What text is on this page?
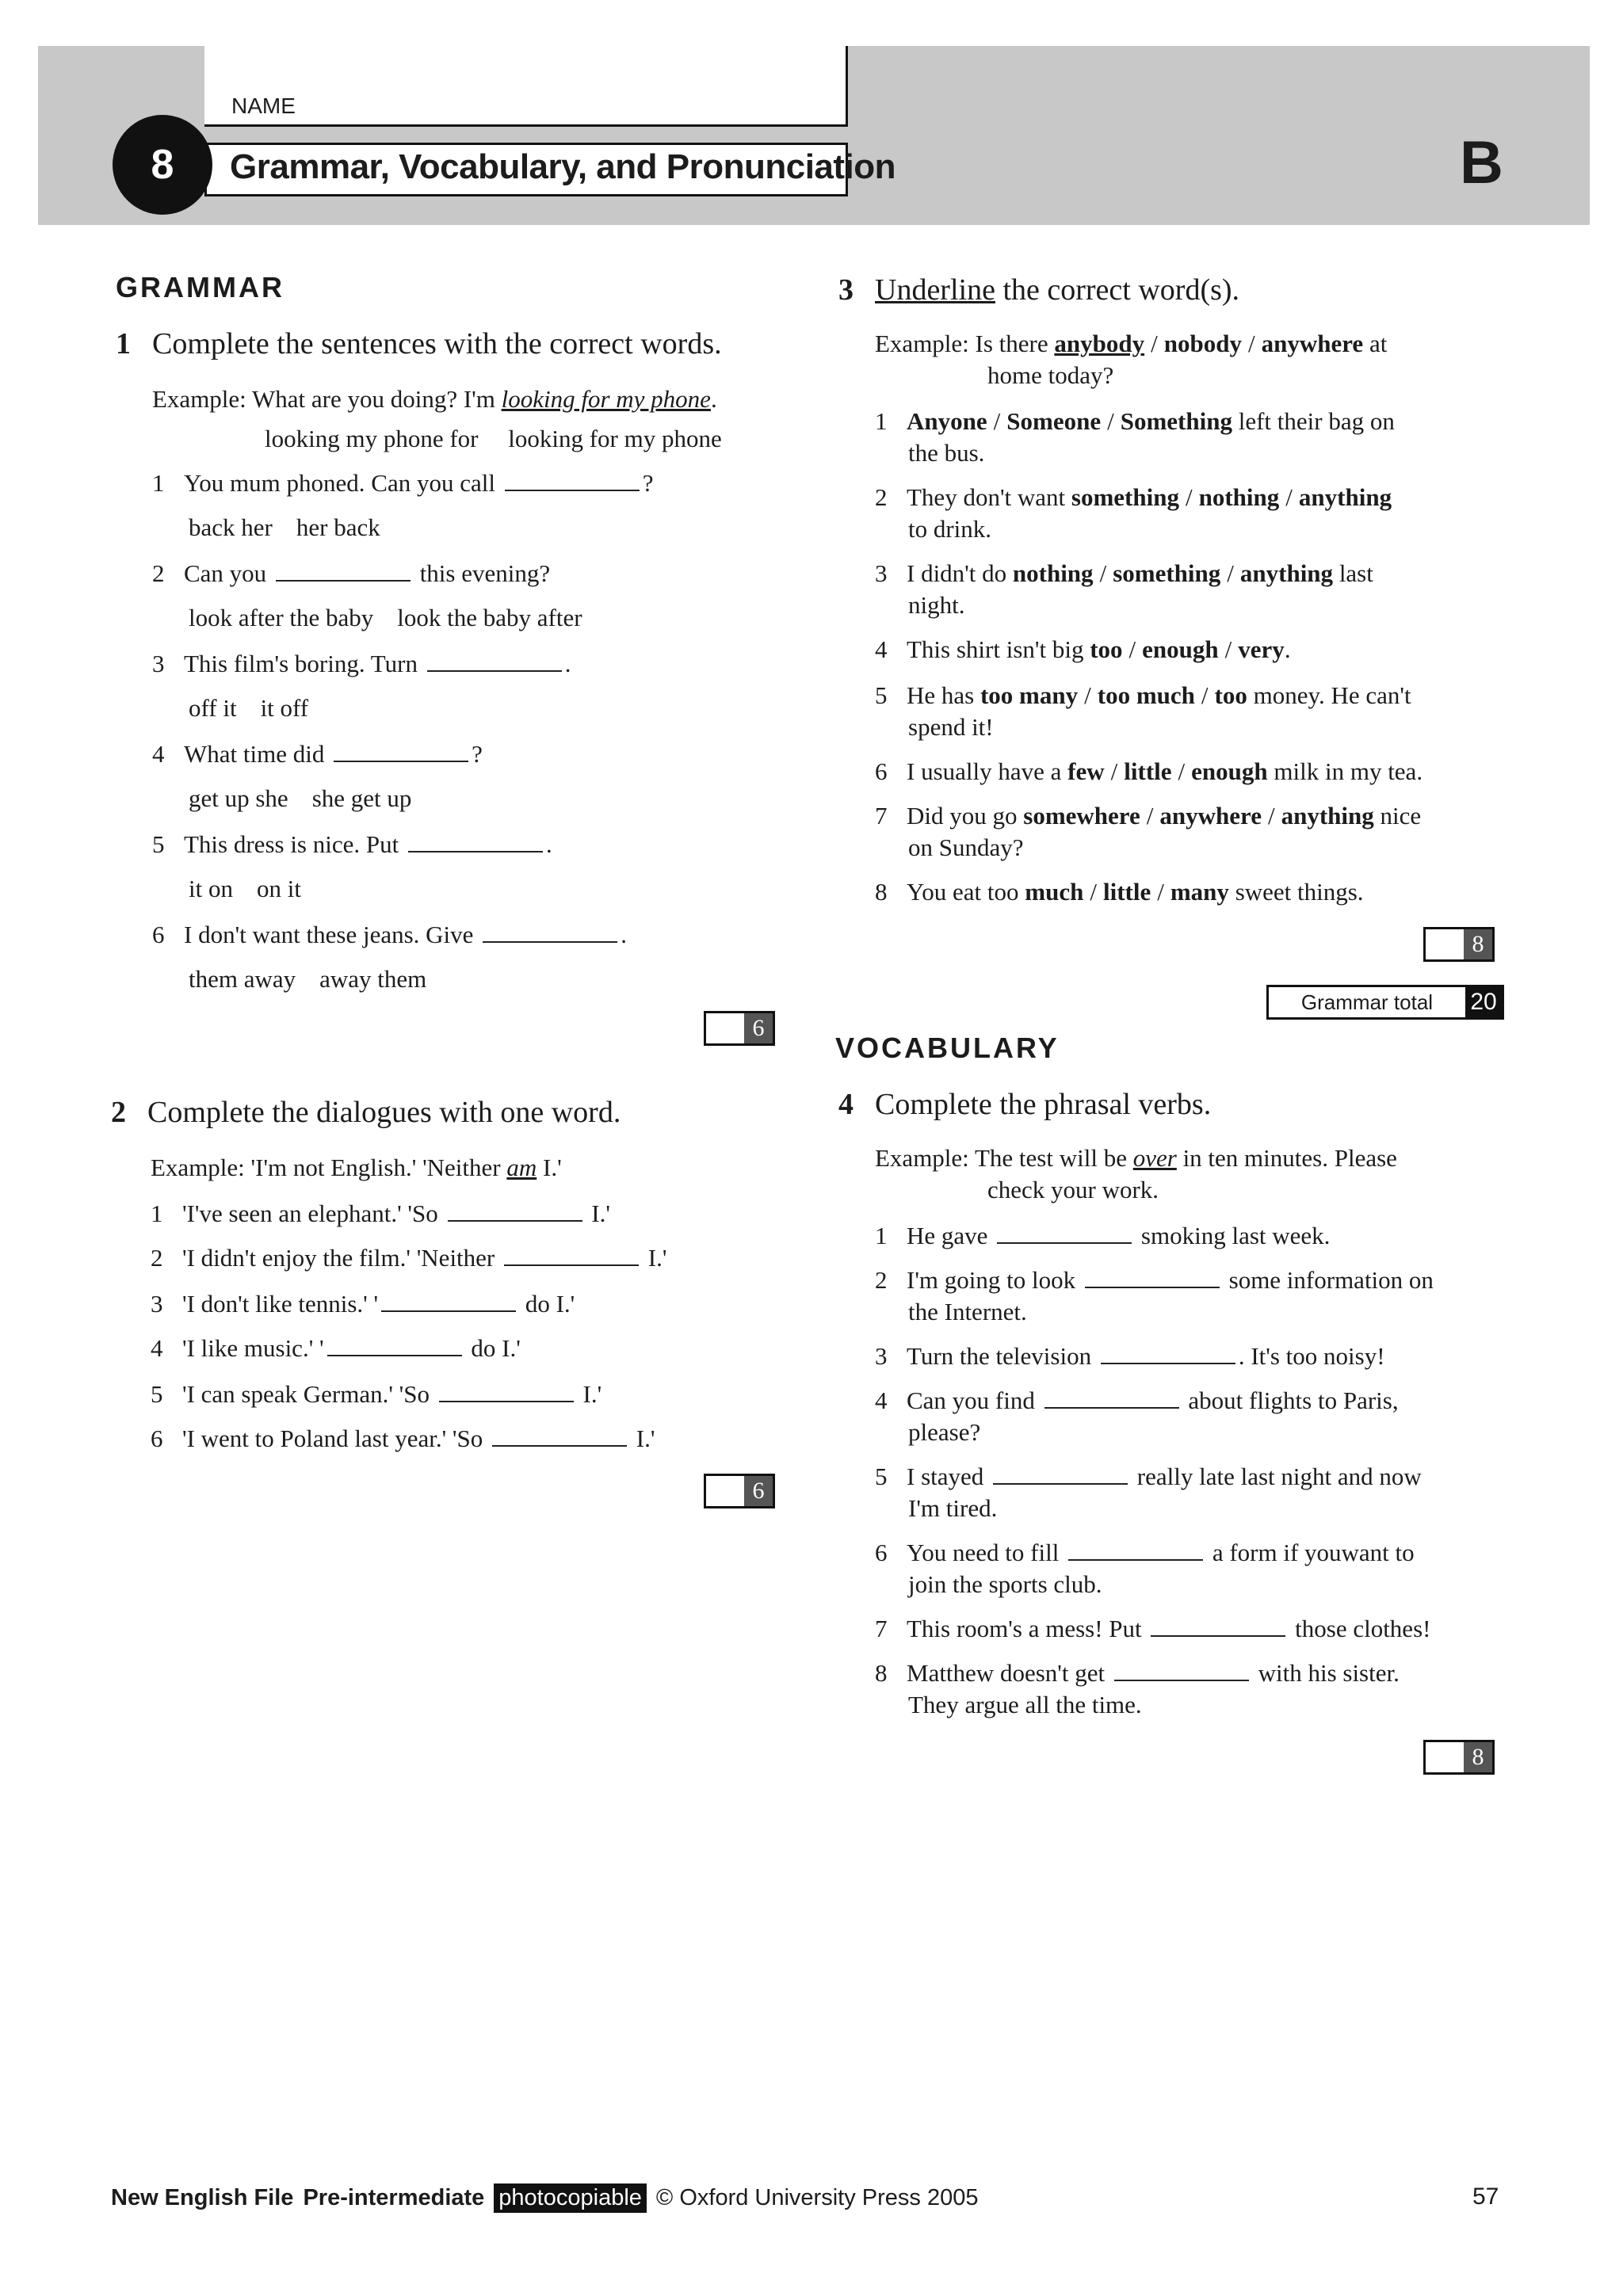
NAME
Grammar, Vocabulary, and Pronunciation
8	B
GRAMMAR
1 Complete the sentences with the correct words.
Example: What are you doing? I'm looking for my phone.
looking my phone for looking for my phone
1 You mum phoned. Can you call	?
back her her back
2 Can you	this evening?
look after the baby look the baby after
3 This film's boring. Turn	.
off it it off
4 What time did	?
get up she she get up
5 This dress is nice. Put	.
it on on it
6 I don't want these jeans. Give	.
them away away them
6
2 Complete the dialogues with one word.
Example: 'I'm not English.' 'Neither am I.'
1 'I've seen an elephant.' 'So	I.'
2 'I didn't enjoy the film.' 'Neither	I.'
3 'I don't like tennis.' '	do I.'
4 'I like music.' '	do I.'
5 'I can speak German.' 'So	I.'
6 'I went to Poland last year.' 'So	I.'
6
3 Underline the correct word(s).
Example: Is there anybody / nobody / anywhere at
home today?
1 Anyone / Someone / Something left their bag on
the bus.
2 They don't want something / nothing / anything
to drink.
3 I didn't do nothing / something / anything last
night.
4 This shirt isn't big too / enough / very.
5 He has too many / too much / too money. He can't
spend it!
6 I usually have a few / little / enough milk in my tea.
7 Did you go somewhere / anywhere / anything nice
on Sunday?
8 You eat too much / little / many sweet things.
8
Grammar total	20
VOCABULARY
4 Complete the phrasal verbs.
Example: The test will be over in ten minutes. Please
check your work.
1 He gave	smoking last week.
2 I'm going to look	some information on
the Internet.
3 Turn the television	. It's too noisy!
4 Can you find	about flights to Paris,
please?
5 I stayed	really late last night and now
I'm tired.
6 You need to fill	a form if youwant to
join the sports club.
7 This room's a mess! Put	those clothes!
8 Matthew doesn't get	with his sister.
They argue all the time.
8
New English File Pre-intermediate photocopiable © Oxford University Press 2005	57
